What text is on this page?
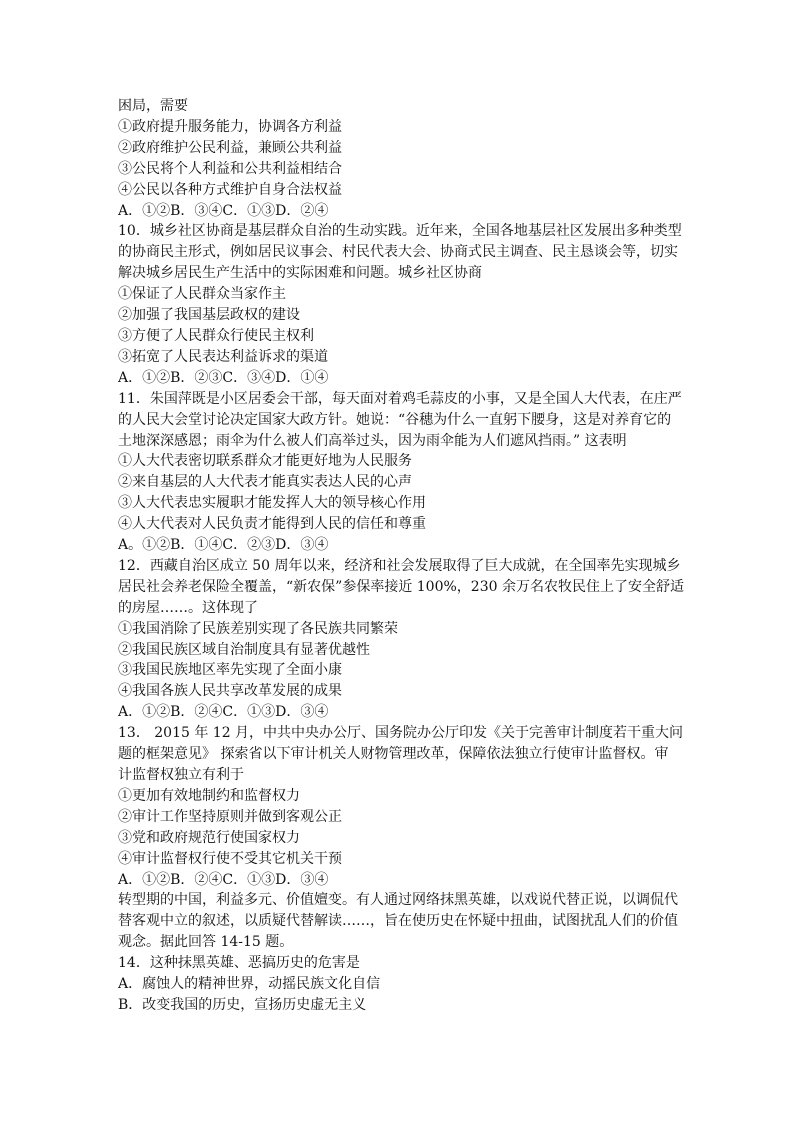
困局，需要
①政府提升服务能力，协调各方利益
②政府维护公民利益，兼顾公共利益
③公民将个人利益和公共利益相结合
④公民以各种方式维护自身合法权益
A．①②B．③④C．①③D．②④
10．城乡社区协商是基层群众自治的生动实践。近年来，全国各地基层社区发展出多种类型
的协商民主形式，例如居民议事会、村民代表大会、协商式民主调查、民主恳谈会等，切实
解决城乡居民生产生活中的实际困难和问题。城乡社区协商
①保证了人民群众当家作主
②加强了我国基层政权的建设
③方便了人民群众行使民主权利
③拓宽了人民表达利益诉求的渠道
A．①②B．②③C．③④D．①④
11．朱国萍既是小区居委会干部，每天面对着鸡毛蒜皮的小事，又是全国人大代表，在庄严
的人民大会堂讨论决定国家大政方针。她说：“谷穗为什么一直躬下腰身，这是对养育它的
土地深深感恩；雨伞为什么被人们高举过头，因为雨伞能为人们遮风挡雨。” 这表明
①人大代表密切联系群众才能更好地为人民服务
②来自基层的人大代表才能真实表达人民的心声
③人大代表忠实履职才能发挥人大的领导核心作用
④人大代表对人民负责才能得到人民的信任和尊重
A。①②B．①④C．②③D．③④
12．西藏自治区成立 50 周年以来，经济和社会发展取得了巨大成就，在全国率先实现城乡
居民社会养老保险全覆盖，“新农保”参保率接近 100%，230 余万名农牧民住上了安全舒适
的房屋……。这体现了
①我国消除了民族差别实现了各民族共同繁荣
②我国民族区域自治制度具有显著优越性
③我国民族地区率先实现了全面小康
④我国各族人民共享改革发展的成果
A．①②B．②④C．①③D．③④
13． 2015 年 12 月，中共中央办公厅、国务院办公厅印发《关于完善审计制度若干重大问
题的框架意见》 探索省以下审计机关人财物管理改革，保障依法独立行使审计监督权。审
计监督权独立有利于
①更加有效地制约和监督权力
②审计工作坚持原则并做到客观公正
③党和政府规范行使国家权力
④审计监督权行使不受其它机关干预
A．①②B．②④C．①③D．③④
转型期的中国，利益多元、价值嬗变。有人通过网络抹黑英雄，以戏说代替正说，以调侃代
替客观中立的叙述，以质疑代替解读……，旨在使历史在怀疑中扭曲，试图扰乱人们的价值
观念。据此回答 14-15 题。
14．这种抹黑英雄、恶搞历史的危害是
A．腐蚀人的精神世界，动摇民族文化自信
B．改变我国的历史，宣扬历史虚无主义
